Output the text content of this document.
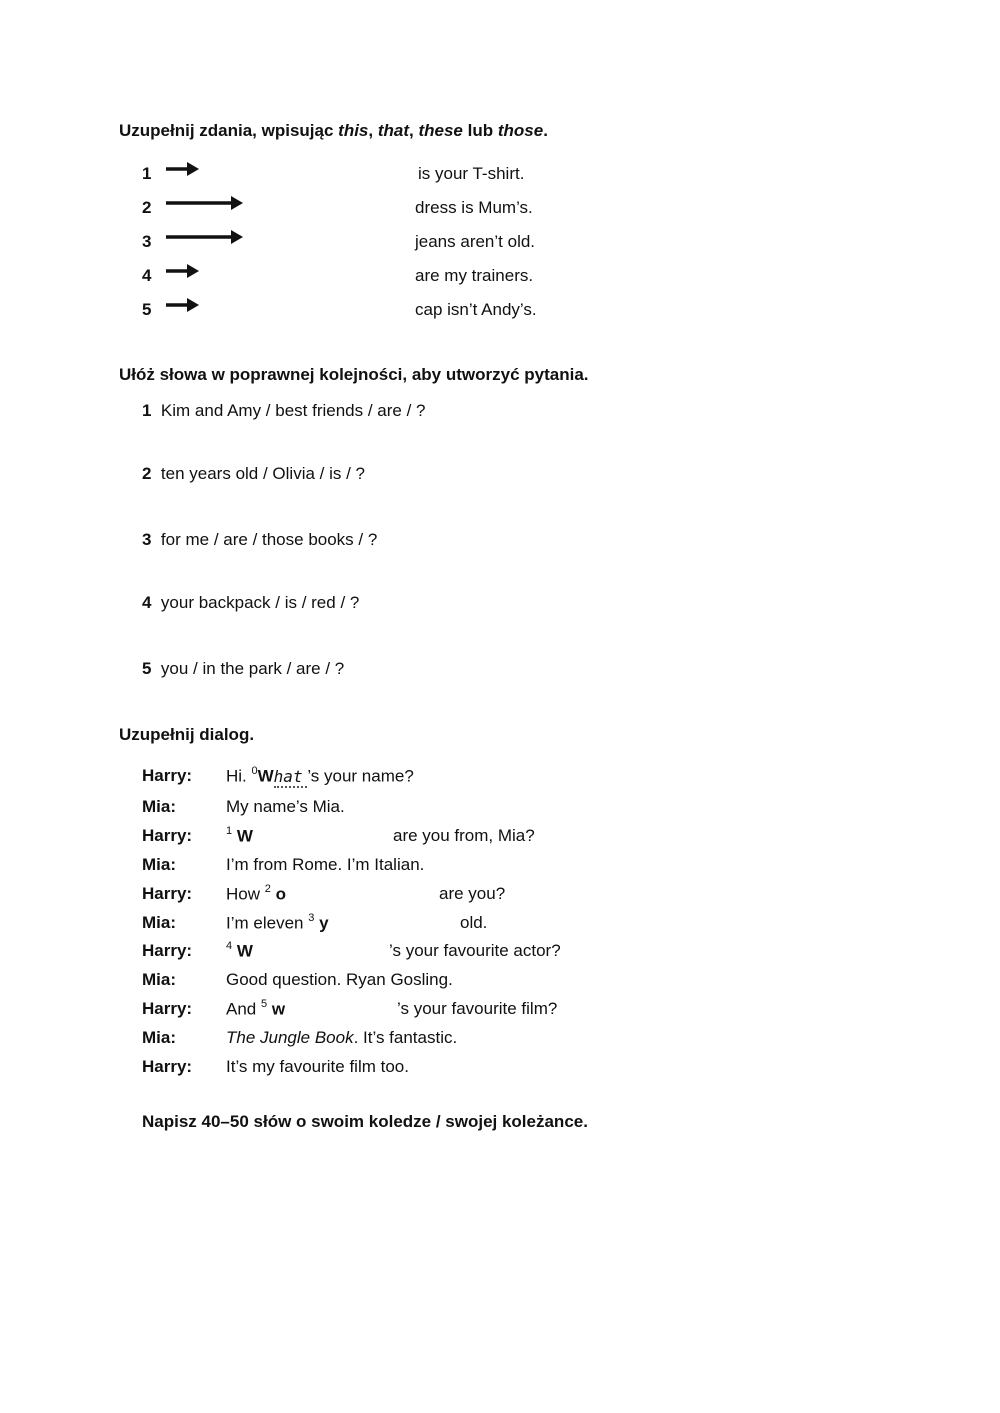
Uzupełnij zdania, wpisując this, that, these lub those.
1	is your T-shirt.
2	dress is Mum’s.
3	jeans aren’t old.
4	are my trainers.
5	cap isn’t Andy’s.
Ułóż słowa w poprawnej kolejności, aby utworzyć pytania.
1 Kim and Amy / best friends / are / ?
2 ten years old / Olivia / is / ?
3 for me / are / those books / ?
4 your backpack / is / red / ?
5 you / in the park / are / ?
Uzupełnij dialog.
Harry: Hi. $^0$What ’s your name?
Mia:	My name’s Mia.
Harry:	$^1$ W	are you from, Mia?
Mia:	I’m from Rome. I’m Italian.
Harry: How $^2$ o	are you?
Mia:	I’m eleven $^3$ y	old.
Harry:	$^4$ W	’s your favourite actor?
Mia:	Good question. Ryan Gosling.
Harry: And $^5$ w	’s your favourite film?
Mia:	The Jungle Book. It’s fantastic.
Harry: It’s my favourite film too.
Napisz 40–50 słów o swoim koledze / swojej koleżance.
